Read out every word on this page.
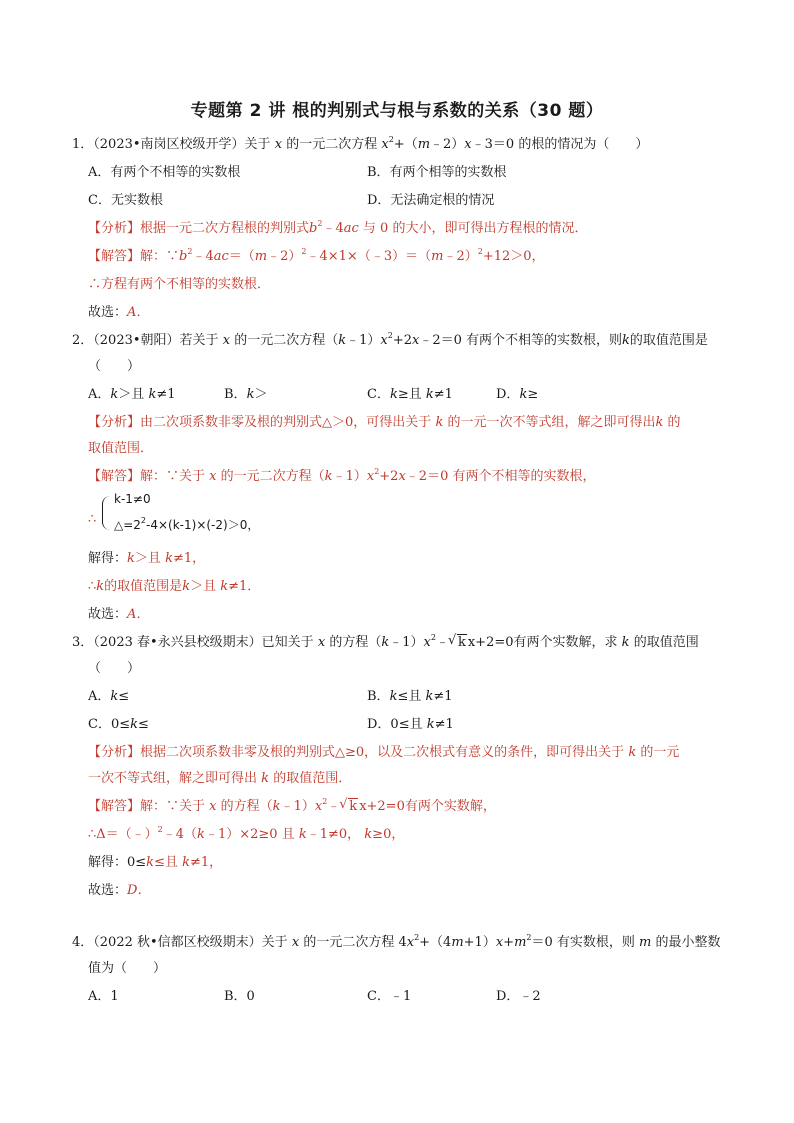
专题第 2 讲 根的判别式与根与系数的关系（30 题）
1．（2023•南岗区校级开学）关于 x 的一元二次方程 $x^2+(m﹣2)x﹣3=0$ 的根的情况为（　　）
A．有两个不相等的实数根	B．有两个相等的实数根
C．无实数根	D．无法确定根的情况
【分析】根据一元二次方程根的判别式$b^2﹣4ac$ 与 0 的大小，即可得出方程根的情况．
【解答】解：$\because b^2﹣4ac=(m﹣2)^2﹣4\times 1\times(﹣3)=(m﹣2)^2+12>0$，
∴方程有两个不相等的实数根．
故选：A．
2．（2023•朝阳）若关于 x 的一元二次方程$(k﹣1)x^2+2x﹣2=0$ 有两个不相等的实数根，则k的取值范围是
（　　）
A．k＞且 k≠1	B．k＞	C．k≥且 k≠1	D．k≥
【分析】由二次项系数非零及根的判别式△＞0，可得出关于 k 的一元一次不等式组，解之即可得出k 的
取值范围．
【解答】解：∵关于 x 的一元二次方程$(k﹣1)x^2+2x﹣2=0$ 有两个不相等的实数根，
∴
k-1≠0
$\triangle=2^2-4\times(k-1)\times(-2)>0$，
解得：k＞且 k≠1，
∴k的取值范围是k＞且 k≠1．
故选：A．
3．（2023 春•永兴县校级期末）已知关于 x 的方程$(k﹣1)x^2﹣√$ k x+2=0有两个实数解，求 k 的取值范围
（　　）
A．k≤	B．k≤且 k≠1
C．0≤k≤	D．0≤且 k≠1
【分析】根据二次项系数非零及根的判别式△≥0，以及二次根式有意义的条件，即可得出关于 k 的一元
一次不等式组，解之即可得出 k 的取值范围．
【解答】解：∵关于 x 的方程$(k﹣1)x^2﹣√$ k x+2=0有两个实数解，
∴Δ＝（﹣）$^2$﹣4（k﹣1）×2≥0 且 k﹣1≠0， k≥0，
解得：0≤k≤且 k≠1，
故选：D．
4．（2022 秋•信都区校级期末）关于 x 的一元二次方程 $4x^2+(4m+1)x+m^2=0$ 有实数根，则 m 的最小整数
值为（　　）
A．1	B．0	C．﹣1	D．﹣2
